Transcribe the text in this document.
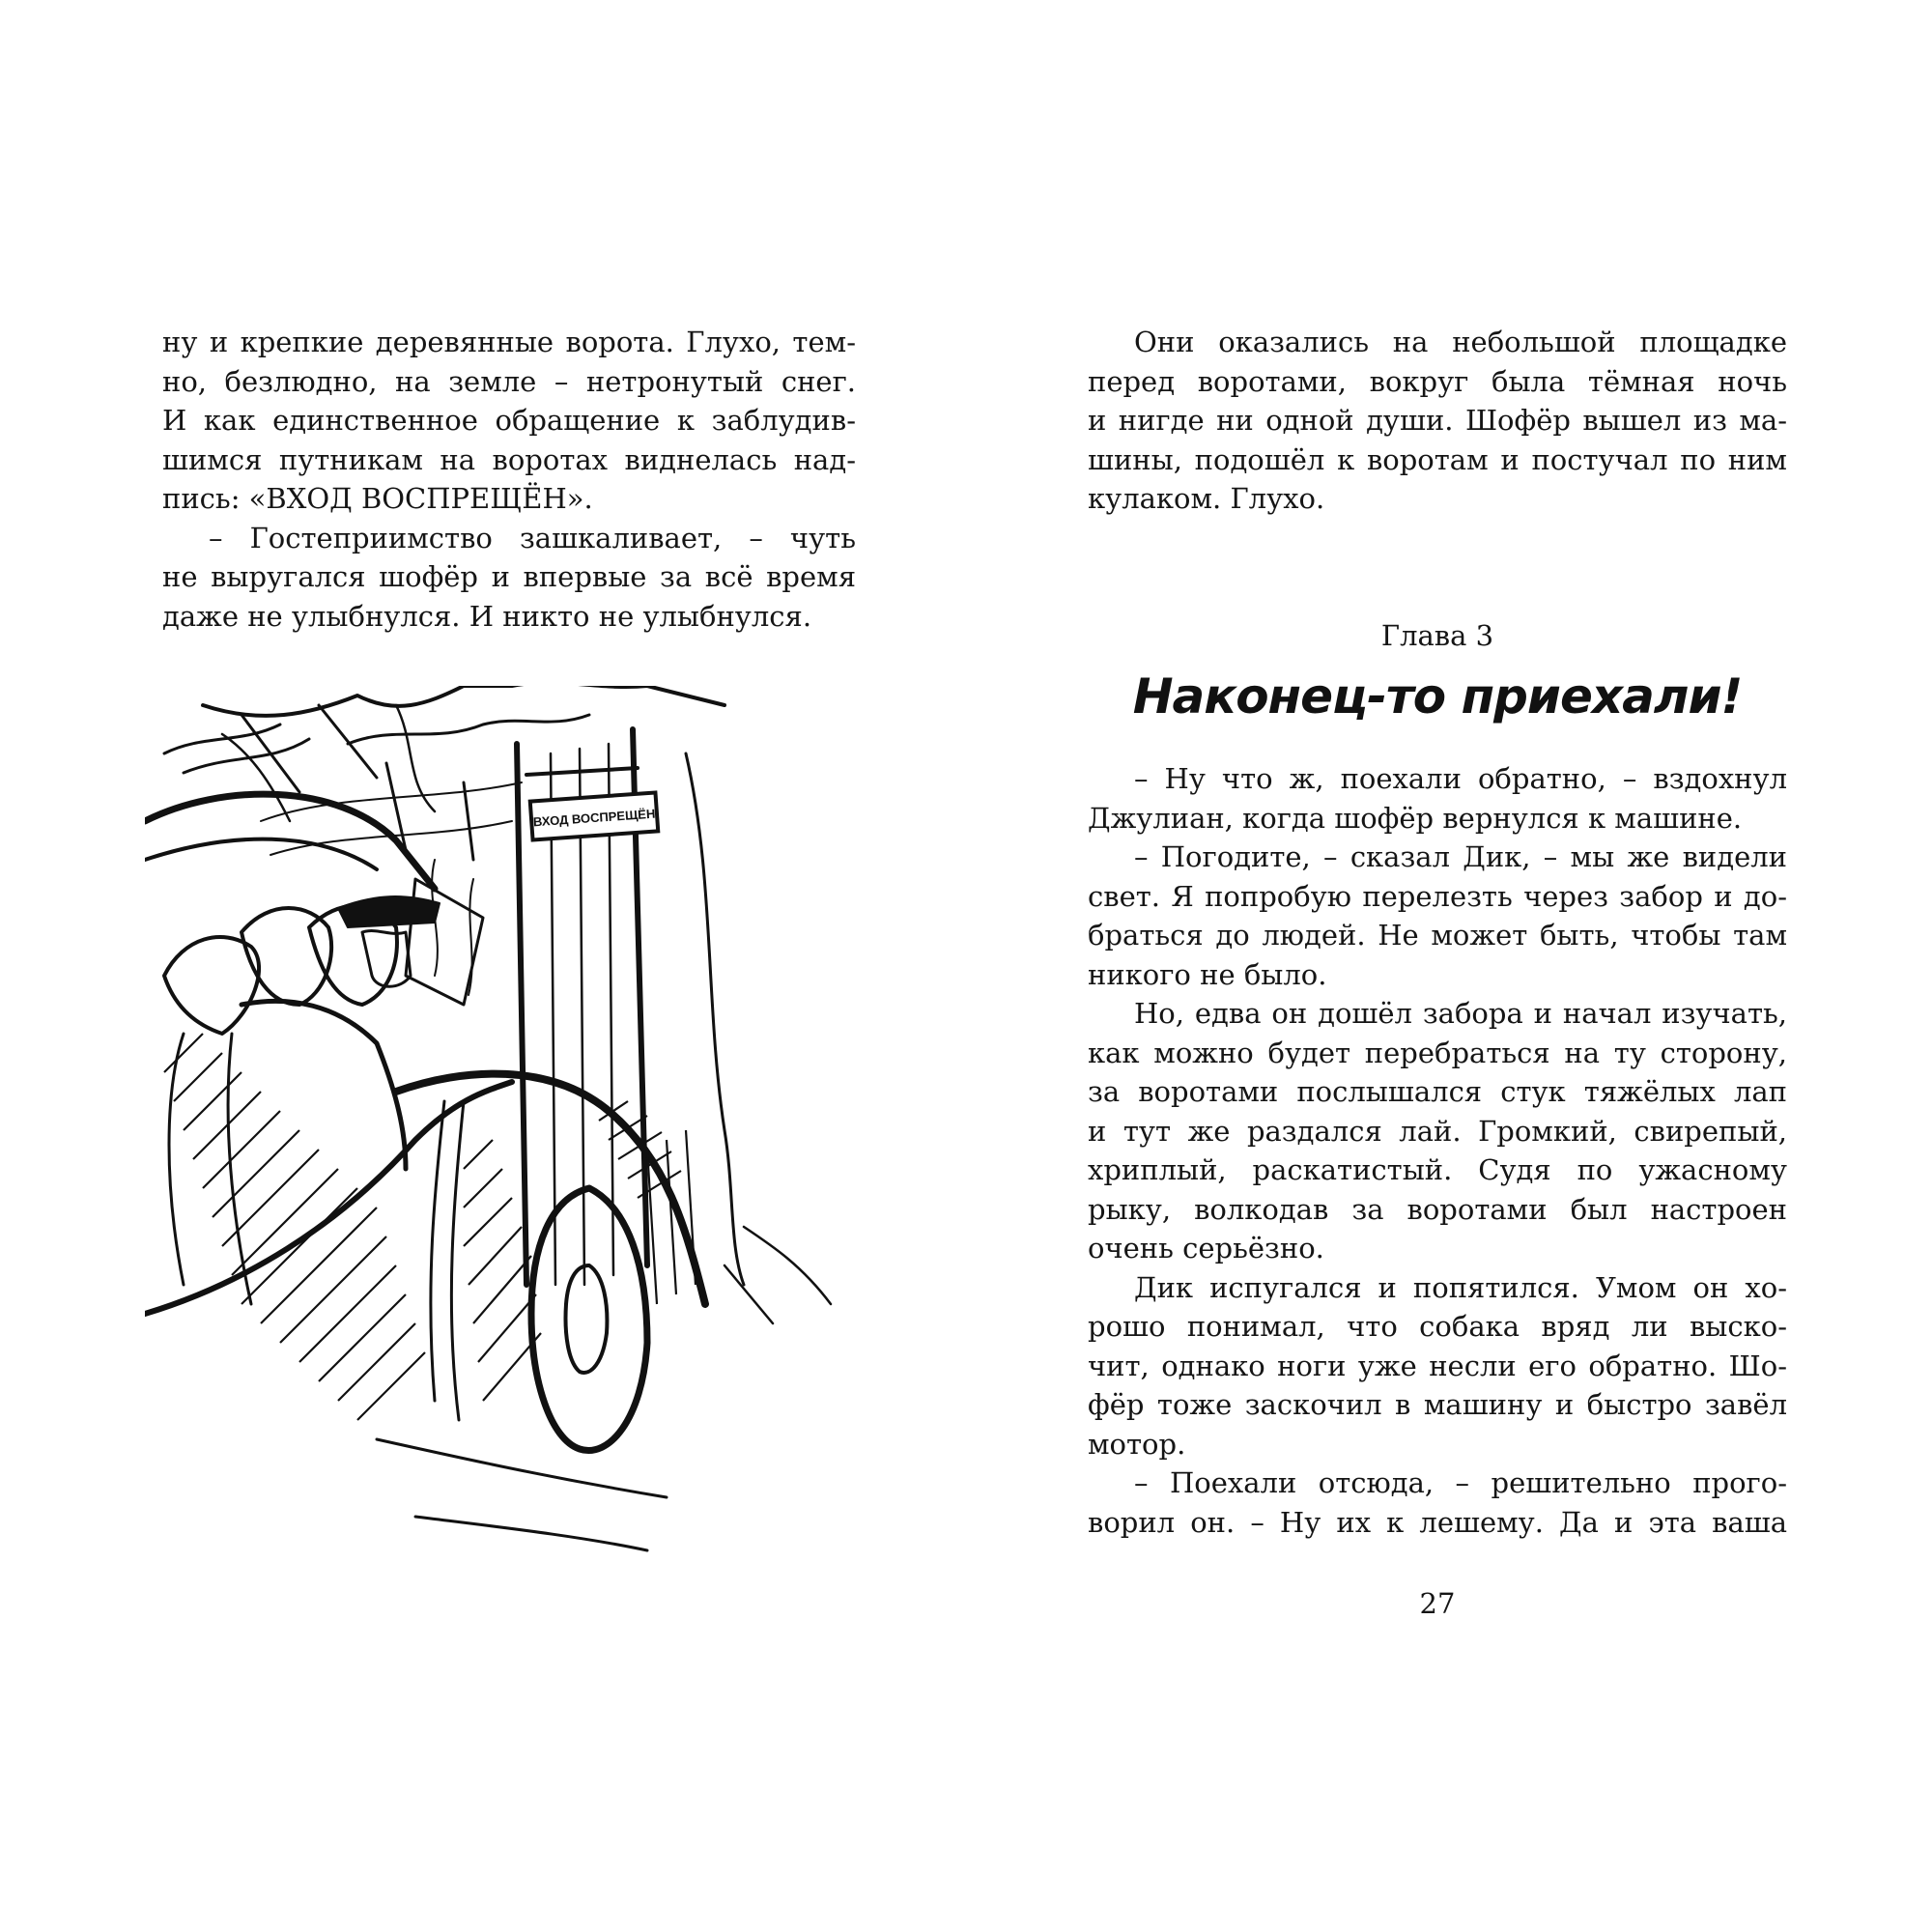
ну и крепкие деревянные ворота. Глухо, тем-
но, безлюдно, на земле – нетронутый снег.
И как единственное обращение к заблудив-
шимся путникам на воротах виднелась над-
пись: «ВХОД ВОСПРЕЩЁН».
– Гостеприимство зашкаливает, – чуть
не выругался шофёр и впервые за всё время
даже не улыбнулся. И никто не улыбнулся.
ВХОД ВОСПРЕЩЁН
Они оказались на небольшой площадке
перед воротами, вокруг была тёмная ночь
и нигде ни одной души. Шофёр вышел из ма-
шины, подошёл к воротам и постучал по ним
кулаком. Глухо.
Глава 3
Наконец-то приехали!
– Ну что ж, поехали обратно, – вздохнул
Джулиан, когда шофёр вернулся к машине.
– Погодите, – сказал Дик, – мы же видели
свет. Я попробую перелезть через забор и до-
браться до людей. Не может быть, чтобы там
никого не было.
Но, едва он дошёл забора и начал изучать,
как можно будет перебраться на ту сторону,
за воротами послышался стук тяжёлых лап
и тут же раздался лай. Громкий, свирепый,
хриплый, раскатистый. Судя по ужасному
рыку, волкодав за воротами был настроен
очень серьёзно.
Дик испугался и попятился. Умом он хо-
рошо понимал, что собака вряд ли выско-
чит, однако ноги уже несли его обратно. Шо-
фёр тоже заскочил в машину и быстро завёл
мотор.
– Поехали отсюда, – решительно прого-
ворил он. – Ну их к лешему. Да и эта ваша
27
